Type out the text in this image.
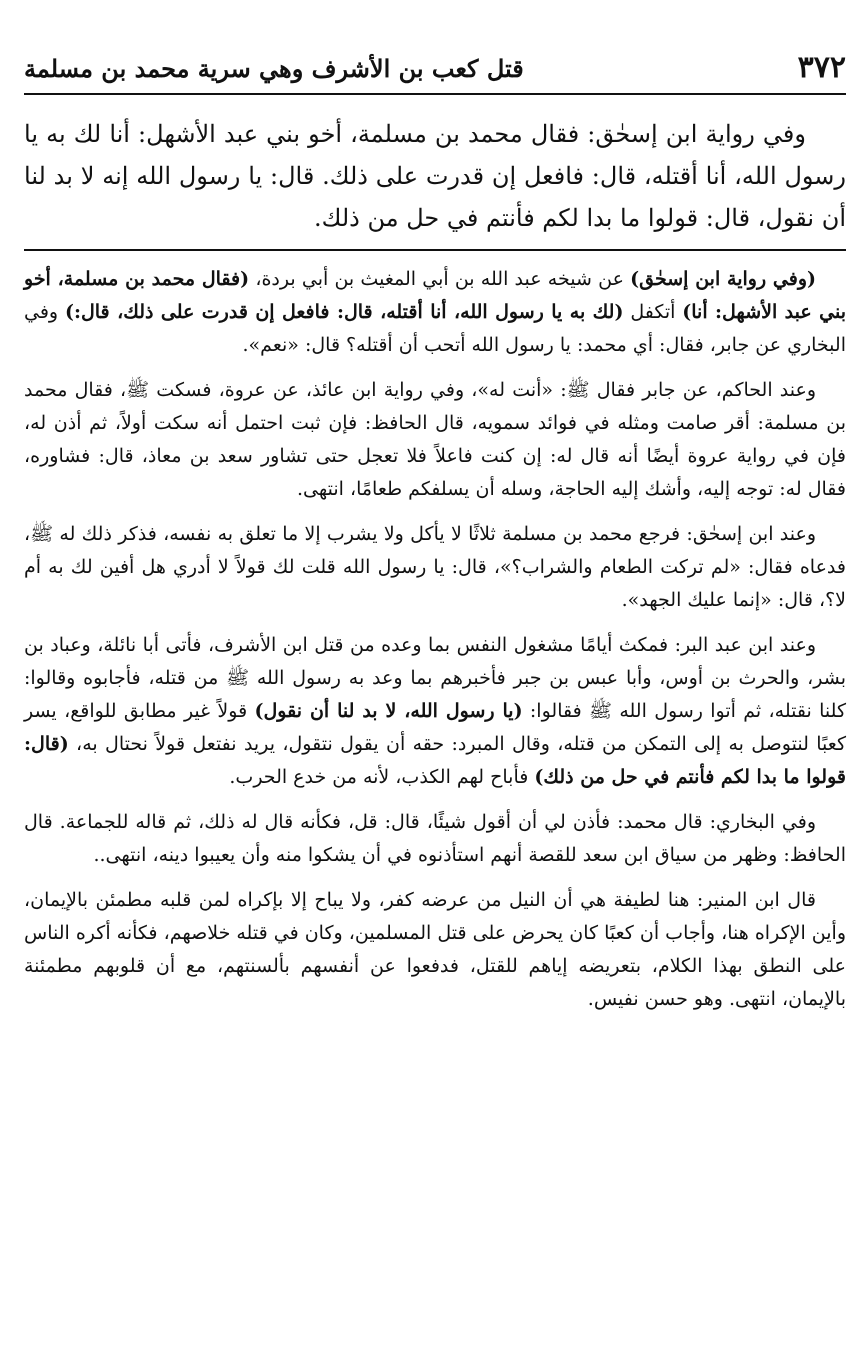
٣٧٢
قتل كعب بن الأشرف وهي سرية محمد بن مسلمة

وفي رواية ابن إسحٰق: فقال محمد بن مسلمة، أخو بني عبد الأشهل: أنا لك به يا رسول الله، أنا أقتله، قال: فافعل إن قدرت على ذلك. قال: يا رسول الله إنه لا بد لنا أن نقول، قال: قولوا ما بدا لكم فأنتم في حل من ذلك.

(وفي رواية ابن إسحٰق) عن شيخه عبد الله بن أبي المغيث بن أبي بردة، (فقال محمد بن مسلمة، أخو بني عبد الأشهل: أنا) أتكفل (لك به يا رسول الله، أنا أقتله، قال: فافعل إن قدرت على ذلك، قال:) وفي البخاري عن جابر، فقال: أي محمد: يا رسول الله أتحب أن أقتله؟ قال: «نعم».

وعند الحاكم، عن جابر فقال ﷺ: «أنت له»، وفي رواية ابن عائذ، عن عروة، فسكت ﷺ، فقال محمد بن مسلمة: أقر صامت ومثله في فوائد سمويه، قال الحافظ: فإن ثبت احتمل أنه سكت أولاً، ثم أذن له، فإن في رواية عروة أيضًا أنه قال له: إن كنت فاعلاً فلا تعجل حتى تشاور سعد بن معاذ، قال: فشاوره، فقال له: توجه إليه، وأشك إليه الحاجة، وسله أن يسلفكم طعامًا، انتهى.

وعند ابن إسحٰق: فرجع محمد بن مسلمة ثلاثًا لا يأكل ولا يشرب إلا ما تعلق به نفسه، فذكر ذلك له ﷺ، فدعاه فقال: «لم تركت الطعام والشراب؟»، قال: يا رسول الله قلت لك قولاً لا أدري هل أفين لك به أم لا؟، قال: «إنما عليك الجهد».

وعند ابن عبد البر: فمكث أيامًا مشغول النفس بما وعده من قتل ابن الأشرف، فأتى أبا نائلة، وعباد بن بشر، والحرث بن أوس، وأبا عبس بن جبر فأخبرهم بما وعد به رسول الله ﷺ من قتله، فأجابوه وقالوا: كلنا نقتله، ثم أتوا رسول الله ﷺ فقالوا: (يا رسول الله، لا بد لنا أن نقول) قولاً غير مطابق للواقع، يسر كعبًا لنتوصل به إلى التمكن من قتله، وقال المبرد: حقه أن يقول نتقول، يريد نفتعل قولاً نحتال به، (قال: قولوا ما بدا لكم فأنتم في حل من ذلك) فأباح لهم الكذب، لأنه من خدع الحرب.

وفي البخاري: قال محمد: فأذن لي أن أقول شيئًا، قال: قل، فكأنه قال له ذلك، ثم قاله للجماعة. قال الحافظ: وظهر من سياق ابن سعد للقصة أنهم استأذنوه في أن يشكوا منه وأن يعيبوا دينه، انتهى..

قال ابن المنير: هنا لطيفة هي أن النيل من عرضه كفر، ولا يباح إلا بإكراه لمن قلبه مطمئن بالإيمان، وأين الإكراه هنا، وأجاب أن كعبًا كان يحرض على قتل المسلمين، وكان في قتله خلاصهم، فكأنه أكره الناس على النطق بهذا الكلام، بتعريضه إياهم للقتل، فدفعوا عن أنفسهم بألسنتهم، مع أن قلوبهم مطمئنة بالإيمان، انتهى. وهو حسن نفيس.
